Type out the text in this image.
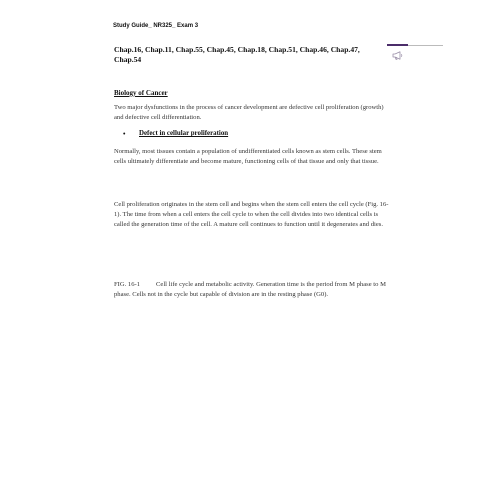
Study Guide_ NR325_ Exam 3
Chap.16, Chap.11, Chap.55, Chap.45, Chap.18, Chap.51, Chap.46, Chap.47, Chap.54
Biology of Cancer

Two major dysfunctions in the process of cancer development are defective cell proliferation (growth) and defective cell differentiation.

• Defect in cellular proliferation

Normally, most tissues contain a population of undifferentiated cells known as stem cells. These stem cells ultimately differentiate and become mature, functioning cells of that tissue and only that tissue.

Cell proliferation originates in the stem cell and begins when the stem cell enters the cell cycle (Fig. 16-1). The time from when a cell enters the cell cycle to when the cell divides into two identical cells is called the generation time of the cell. A mature cell continues to function until it degenerates and dies.

FIG. 16-1 Cell life cycle and metabolic activity. Generation time is the period from M phase to M phase. Cells not in the cycle but capable of division are in the resting phase (G0).
